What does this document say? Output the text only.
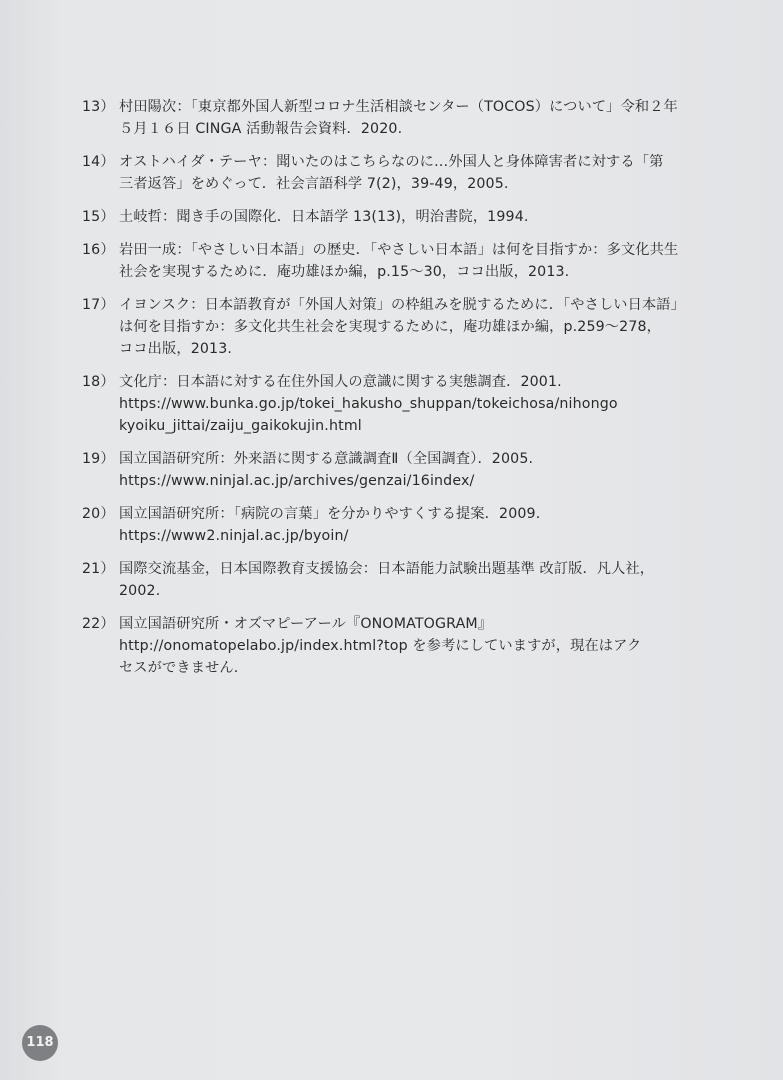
13） 村田陽次：「東京都外国人新型コロナ生活相談センター（TOCOS）について」令和２年
５月１６日 CINGA 活動報告会資料．2020.
14） オストハイダ・テーヤ：聞いたのはこちらなのに…外国人と身体障害者に対する「第
三者返答」をめぐって．社会言語科学 7(2)，39-49，2005.
15） 土岐哲：聞き手の国際化．日本語学 13(13)，明治書院，1994.
16） 岩田一成：「やさしい日本語」の歴史．「やさしい日本語」は何を目指すか：多文化共生
社会を実現するために．庵功雄ほか編，p.15～30，ココ出版，2013.
17） イヨンスク：日本語教育が「外国人対策」の枠組みを脱するために．「やさしい日本語」
は何を目指すか：多文化共生社会を実現するために，庵功雄ほか編，p.259～278，
ココ出版，2013.
18） 文化庁：日本語に対する在住外国人の意識に関する実態調査．2001.
https://www.bunka.go.jp/tokei_hakusho_shuppan/tokeichosa/nihongo
kyoiku_jittai/zaiju_gaikokujin.html
19） 国立国語研究所：外来語に関する意識調査Ⅱ（全国調査）．2005.
https://www.ninjal.ac.jp/archives/genzai/16index/
20） 国立国語研究所：「病院の言葉」を分かりやすくする提案．2009.
https://www2.ninjal.ac.jp/byoin/
21） 国際交流基金，日本国際教育支援協会：日本語能力試験出題基準 改訂版．凡人社，
2002.
22） 国立国語研究所・オズマピーアール『ONOMATOGRAM』
http://onomatopelabo.jp/index.html?top を参考にしていますが，現在はアク
セスができません.
118
